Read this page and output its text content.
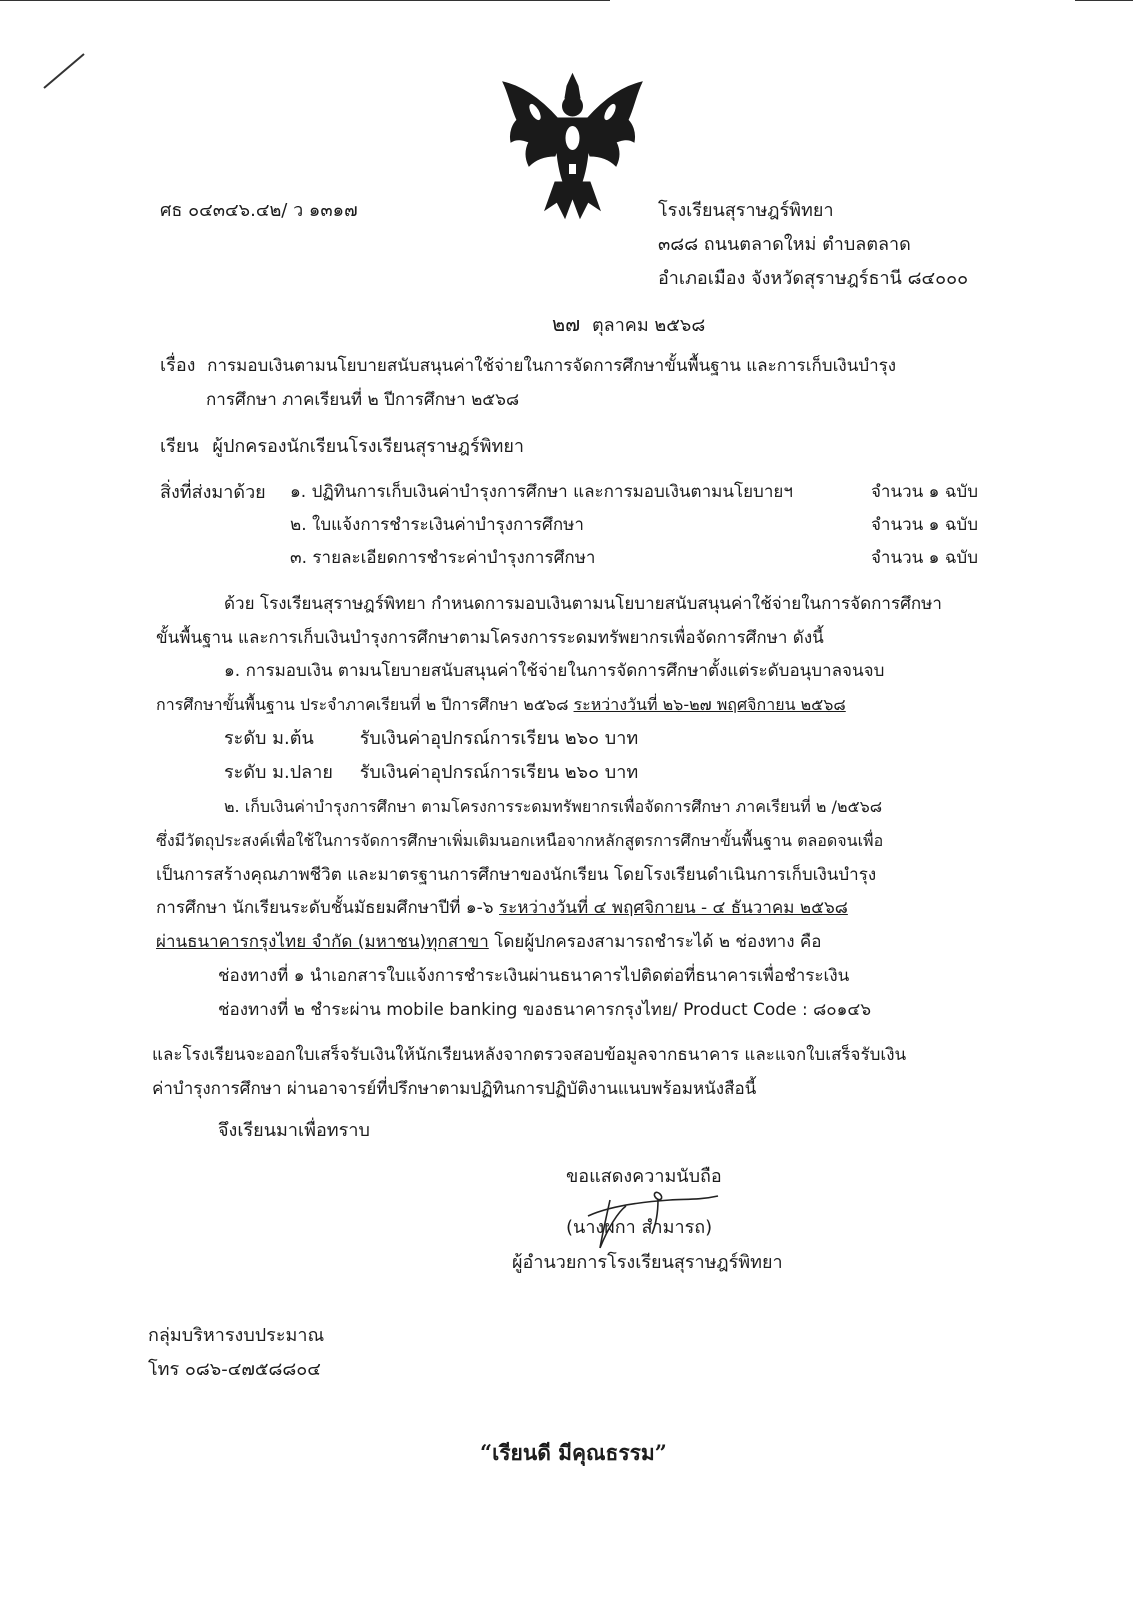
ศธ ๐๔๓๔๖.๔๒/ ว ๑๓๑๗	โรงเรียนสุราษฎร์พิทยา
๓๘๘ ถนนตลาดใหม่ ตำบลตลาด
อำเภอเมือง จังหวัดสุราษฎร์ธานี ๘๔๐๐๐
๒๗ ตุลาคม ๒๕๖๘
เรื่อง การมอบเงินตามนโยบายสนับสนุนค่าใช้จ่ายในการจัดการศึกษาขั้นพื้นฐาน และการเก็บเงินบำรุง
การศึกษา ภาคเรียนที่ ๒ ปีการศึกษา ๒๕๖๘
เรียน ผู้ปกครองนักเรียนโรงเรียนสุราษฎร์พิทยา
สิ่งที่ส่งมาด้วย ๑. ปฏิทินการเก็บเงินค่าบำรุงการศึกษา และการมอบเงินตามนโยบายฯ	จำนวน ๑ ฉบับ
๒. ใบแจ้งการชำระเงินค่าบำรุงการศึกษา	จำนวน ๑ ฉบับ
๓. รายละเอียดการชำระค่าบำรุงการศึกษา	จำนวน ๑ ฉบับ
ด้วย โรงเรียนสุราษฎร์พิทยา กำหนดการมอบเงินตามนโยบายสนับสนุนค่าใช้จ่ายในการจัดการศึกษา
ขั้นพื้นฐาน และการเก็บเงินบำรุงการศึกษาตามโครงการระดมทรัพยากรเพื่อจัดการศึกษา ดังนี้
๑. การมอบเงิน ตามนโยบายสนับสนุนค่าใช้จ่ายในการจัดการศึกษาตั้งแต่ระดับอนุบาลจนจบ
การศึกษาขั้นพื้นฐาน ประจำภาคเรียนที่ ๒ ปีการศึกษา ๒๕๖๘ ระหว่างวันที่ ๒๖-๒๗ พฤศจิกายน ๒๕๖๘
ระดับ ม.ต้น	รับเงินค่าอุปกรณ์การเรียน ๒๖๐ บาท
ระดับ ม.ปลาย รับเงินค่าอุปกรณ์การเรียน ๒๖๐ บาท
๒. เก็บเงินค่าบำรุงการศึกษา ตามโครงการระดมทรัพยากรเพื่อจัดการศึกษา ภาคเรียนที่ ๒ /๒๕๖๘
ซึ่งมีวัตถุประสงค์เพื่อใช้ในการจัดการศึกษาเพิ่มเติมนอกเหนือจากหลักสูตรการศึกษาขั้นพื้นฐาน ตลอดจนเพื่อ
เป็นการสร้างคุณภาพชีวิต และมาตรฐานการศึกษาของนักเรียน โดยโรงเรียนดำเนินการเก็บเงินบำรุง
การศึกษา นักเรียนระดับชั้นมัธยมศึกษาปีที่ ๑-๖ ระหว่างวันที่ ๔ พฤศจิกายน - ๔ ธันวาคม ๒๕๖๘
ผ่านธนาคารกรุงไทย จำกัด (มหาชน)ทุกสาขา โดยผู้ปกครองสามารถชำระได้ ๒ ช่องทาง คือ
ช่องทางที่ ๑ นำเอกสารใบแจ้งการชำระเงินผ่านธนาคารไปติดต่อที่ธนาคารเพื่อชำระเงิน
ช่องทางที่ ๒ ชำระผ่าน mobile banking ของธนาคารกรุงไทย/ Product Code : ๘๐๑๔๖
และโรงเรียนจะออกใบเสร็จรับเงินให้นักเรียนหลังจากตรวจสอบข้อมูลจากธนาคาร และแจกใบเสร็จรับเงิน
ค่าบำรุงการศึกษา ผ่านอาจารย์ที่ปรึกษาตามปฏิทินการปฏิบัติงานแนบพร้อมหนังสือนี้
จึงเรียนมาเพื่อทราบ
ขอแสดงความนับถือ
(นางผกา สำมารถ)
ผู้อำนวยการโรงเรียนสุราษฎร์พิทยา
กลุ่มบริหารงบประมาณ
โทร ๐๘๖-๔๗๕๘๘๐๔
“เรียนดี มีคุณธรรม”
